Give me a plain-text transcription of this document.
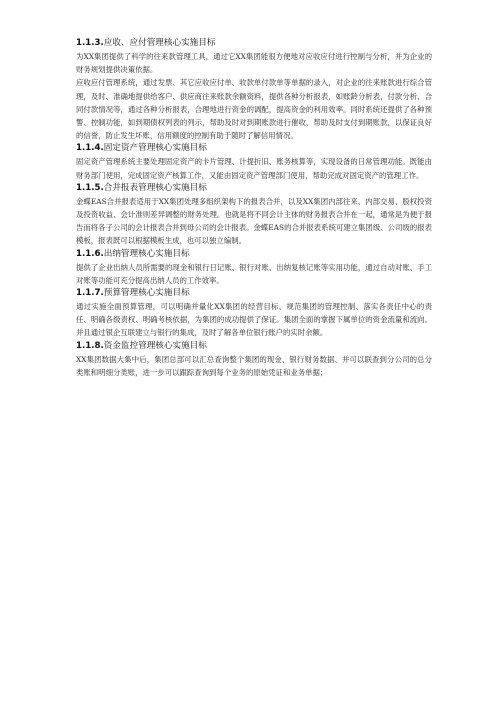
1.1.3.应收、应付管理核心实施目标

为XX集团提供了科学的往来款管理工具，通过它XX集团能很方便地对应收应付进行控制与分析，并为企业的财务规划提供决策依据。

应收应付管理系统，通过发票、其它应收应付单、收款单付款单等单据的录入，对企业的往来账款进行综合管理，及时、准确地提供给客户、供应商往来账款余额资料，提供各种分析报表，如账龄分析表，付款分析、合同付款情况等，通过各种分析报表，合理地进行资金的调配，提高资金的利用效率。同时系统还提供了各种预警、控制功能，如到期债权列表的列示，帮助及时对到期账款进行催收，帮助及时支付到期账款，以保证良好的信誉，防止发生坏账，信用额度的控制有助于随时了解信用情况。

1.1.4.固定资产管理核心实施目标

固定资产管理系统主要处理固定资产的卡片管理、计提折旧、账务核算等，实现设备的日常管理功能。既能由财务部门使用，完成固定资产核算工作，又能由固定资产管理部门使用，帮助完成对固定资产的管理工作。

1.1.5.合并报表管理核心实施目标

金蝶EAS合并报表适用于XX集团处理多组织架构下的报表合并，以及XX集团内部往来、内部交易、股权投资及投资收益、会计准则差异调整的财务处理。也就是将不同会计主体的财务报表合并在一起，通常是为便于报告而将各子公司的会计报表合并到母公司的会计报表。金蝶EAS的合并报表系统可建立集团级、公司级的报表模板，报表既可以根据模板生成，也可以独立编制。

1.1.6.出纳管理核心实施目标

提供了企业出纳人员所需要的现金和银行日记账、银行对账、出纳复核记账等实用功能，通过自动对账、手工对账等功能可充分提高出纳人员的工作效率。

1.1.7.预算管理核心实施目标

通过实施全面预算管理，可以明确并量化XX集团的经营目标、规范集团的管理控制、落实各责任中心的责任、明确各级责权、明确考核依据，为集团的成功提供了保证。集团全面的掌握下属单位的资金流量和流向。并且通过银企互联建立与银行的集成，及时了解各单位银行账户的实时余额。

1.1.8.资金监控管理核心实施目标

XX集团数据大集中后，集团总部可以汇总查询整个集团的现金、银行财务数据、并可以联查到分公司的总分类账和明细分类账，进一步可以跟踪查询到每个业务的原始凭证和业务单据；
